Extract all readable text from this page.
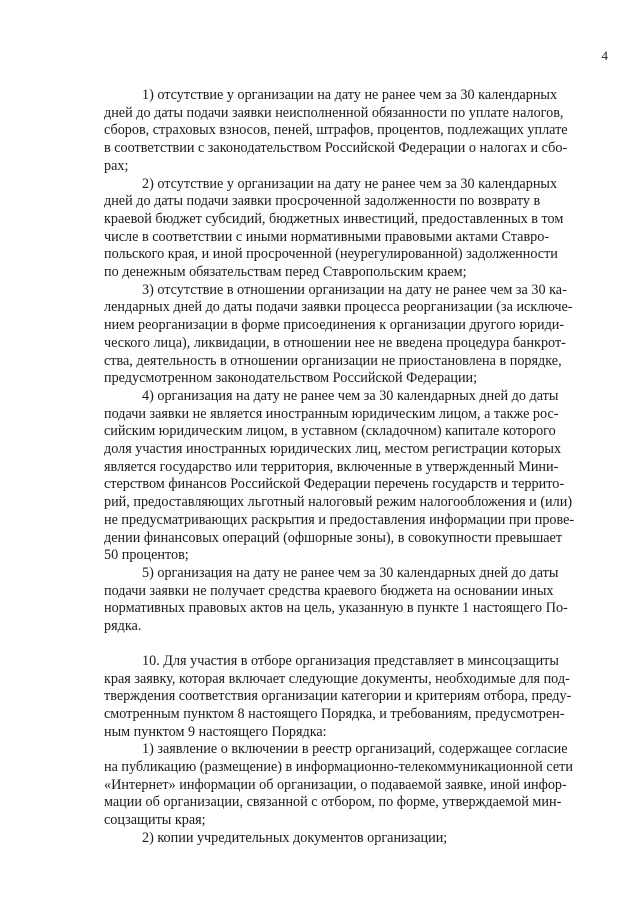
4

1) отсутствие у организации на дату не ранее чем за 30 календарных
дней до даты подачи заявки неисполненной обязанности по уплате налогов,
сборов, страховых взносов, пеней, штрафов, процентов, подлежащих уплате
в соответствии с законодательством Российской Федерации о налогах и сбо-
рах;

2) отсутствие у организации на дату не ранее чем за 30 календарных
дней до даты подачи заявки просроченной задолженности по возврату в
краевой бюджет субсидий, бюджетных инвестиций, предоставленных в том
числе в соответствии с иными нормативными правовыми актами Ставро-
польского края, и иной просроченной (неурегулированной) задолженности
по денежным обязательствам перед Ставропольским краем;

3) отсутствие в отношении организации на дату не ранее чем за 30 ка-
лендарных дней до даты подачи заявки процесса реорганизации (за исключе-
нием реорганизации в форме присоединения к организации другого юриди-
ческого лица), ликвидации, в отношении нее не введена процедура банкрот-
ства, деятельность в отношении организации не приостановлена в порядке,
предусмотренном законодательством Российской Федерации;

4) организация на дату не ранее чем за 30 календарных дней до даты
подачи заявки не является иностранным юридическим лицом, а также рос-
сийским юридическим лицом, в уставном (складочном) капитале которого
доля участия иностранных юридических лиц, местом регистрации которых
является государство или территория, включенные в утвержденный Мини-
стерством финансов Российской Федерации перечень государств и террито-
рий, предоставляющих льготный налоговый режим налогообложения и (или)
не предусматривающих раскрытия и предоставления информации при прове-
дении финансовых операций (офшорные зоны), в совокупности превышает
50 процентов;

5) организация на дату не ранее чем за 30 календарных дней до даты
подачи заявки не получает средства краевого бюджета на основании иных
нормативных правовых актов на цель, указанную в пункте 1 настоящего По-
рядка.

10. Для участия в отборе организация представляет в минсоцзащиты
края заявку, которая включает следующие документы, необходимые для под-
тверждения соответствия организации категории и критериям отбора, преду-
смотренным пунктом 8 настоящего Порядка, и требованиям, предусмотрен-
ным пунктом 9 настоящего Порядка:

1) заявление о включении в реестр организаций, содержащее согласие
на публикацию (размещение) в информационно-телекоммуникационной сети
«Интернет» информации об организации, о подаваемой заявке, иной инфор-
мации об организации, связанной с отбором, по форме, утверждаемой мин-
соцзащиты края;

2) копии учредительных документов организации;
